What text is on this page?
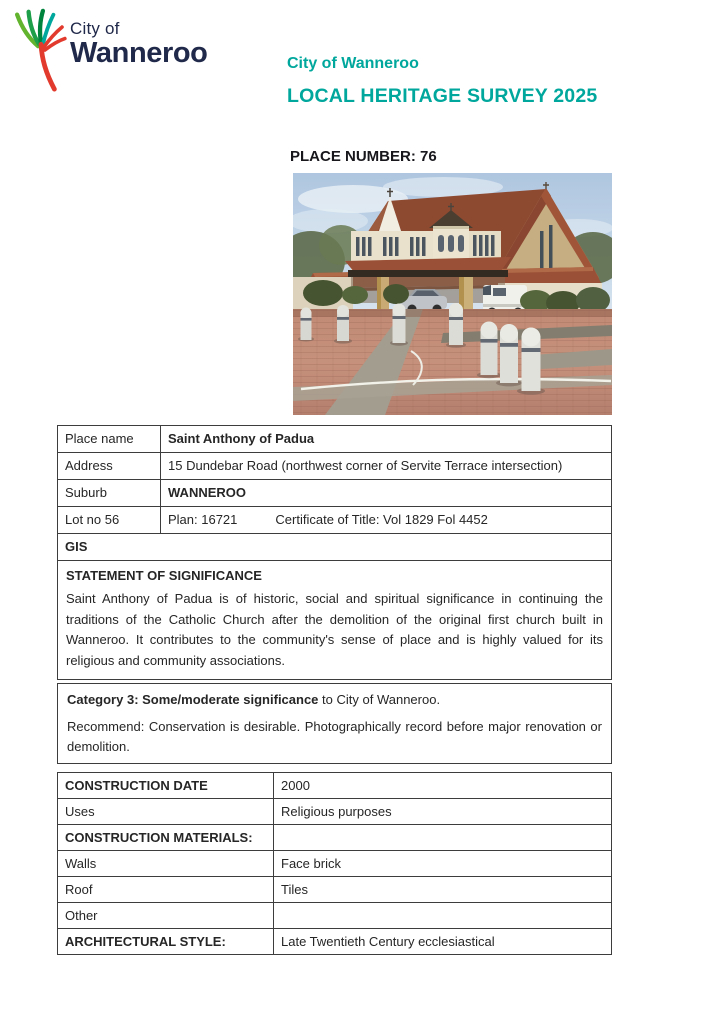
City of
Wanneroo	City of Wanneroo
LOCAL HERITAGE SURVEY 2025
PLACE NUMBER: 76
Place name	Saint Anthony of Padua
Address	15 Dundebar Road (northwest corner of Servite Terrace intersection)
Suburb	WANNEROO
Lot no 56	Plan: 16721	Certificate of Title: Vol 1829 Fol 4452
GIS
STATEMENT OF SIGNIFICANCE

Saint Anthony of Padua is of historic, social and spiritual significance in continuing the traditions of the Catholic Church after the demolition of the original first church built in Wanneroo. It contributes to the community's sense of place and is highly valued for its religious and community associations.

Category 3: Some/moderate significance to City of Wanneroo.

Recommend: Conservation is desirable. Photographically record before major renovation or demolition.

CONSTRUCTION DATE	2000
Uses	Religious purposes
CONSTRUCTION MATERIALS:
Walls	Face brick
Roof	Tiles
Other
ARCHITECTURAL STYLE:	Late Twentieth Century ecclesiastical
